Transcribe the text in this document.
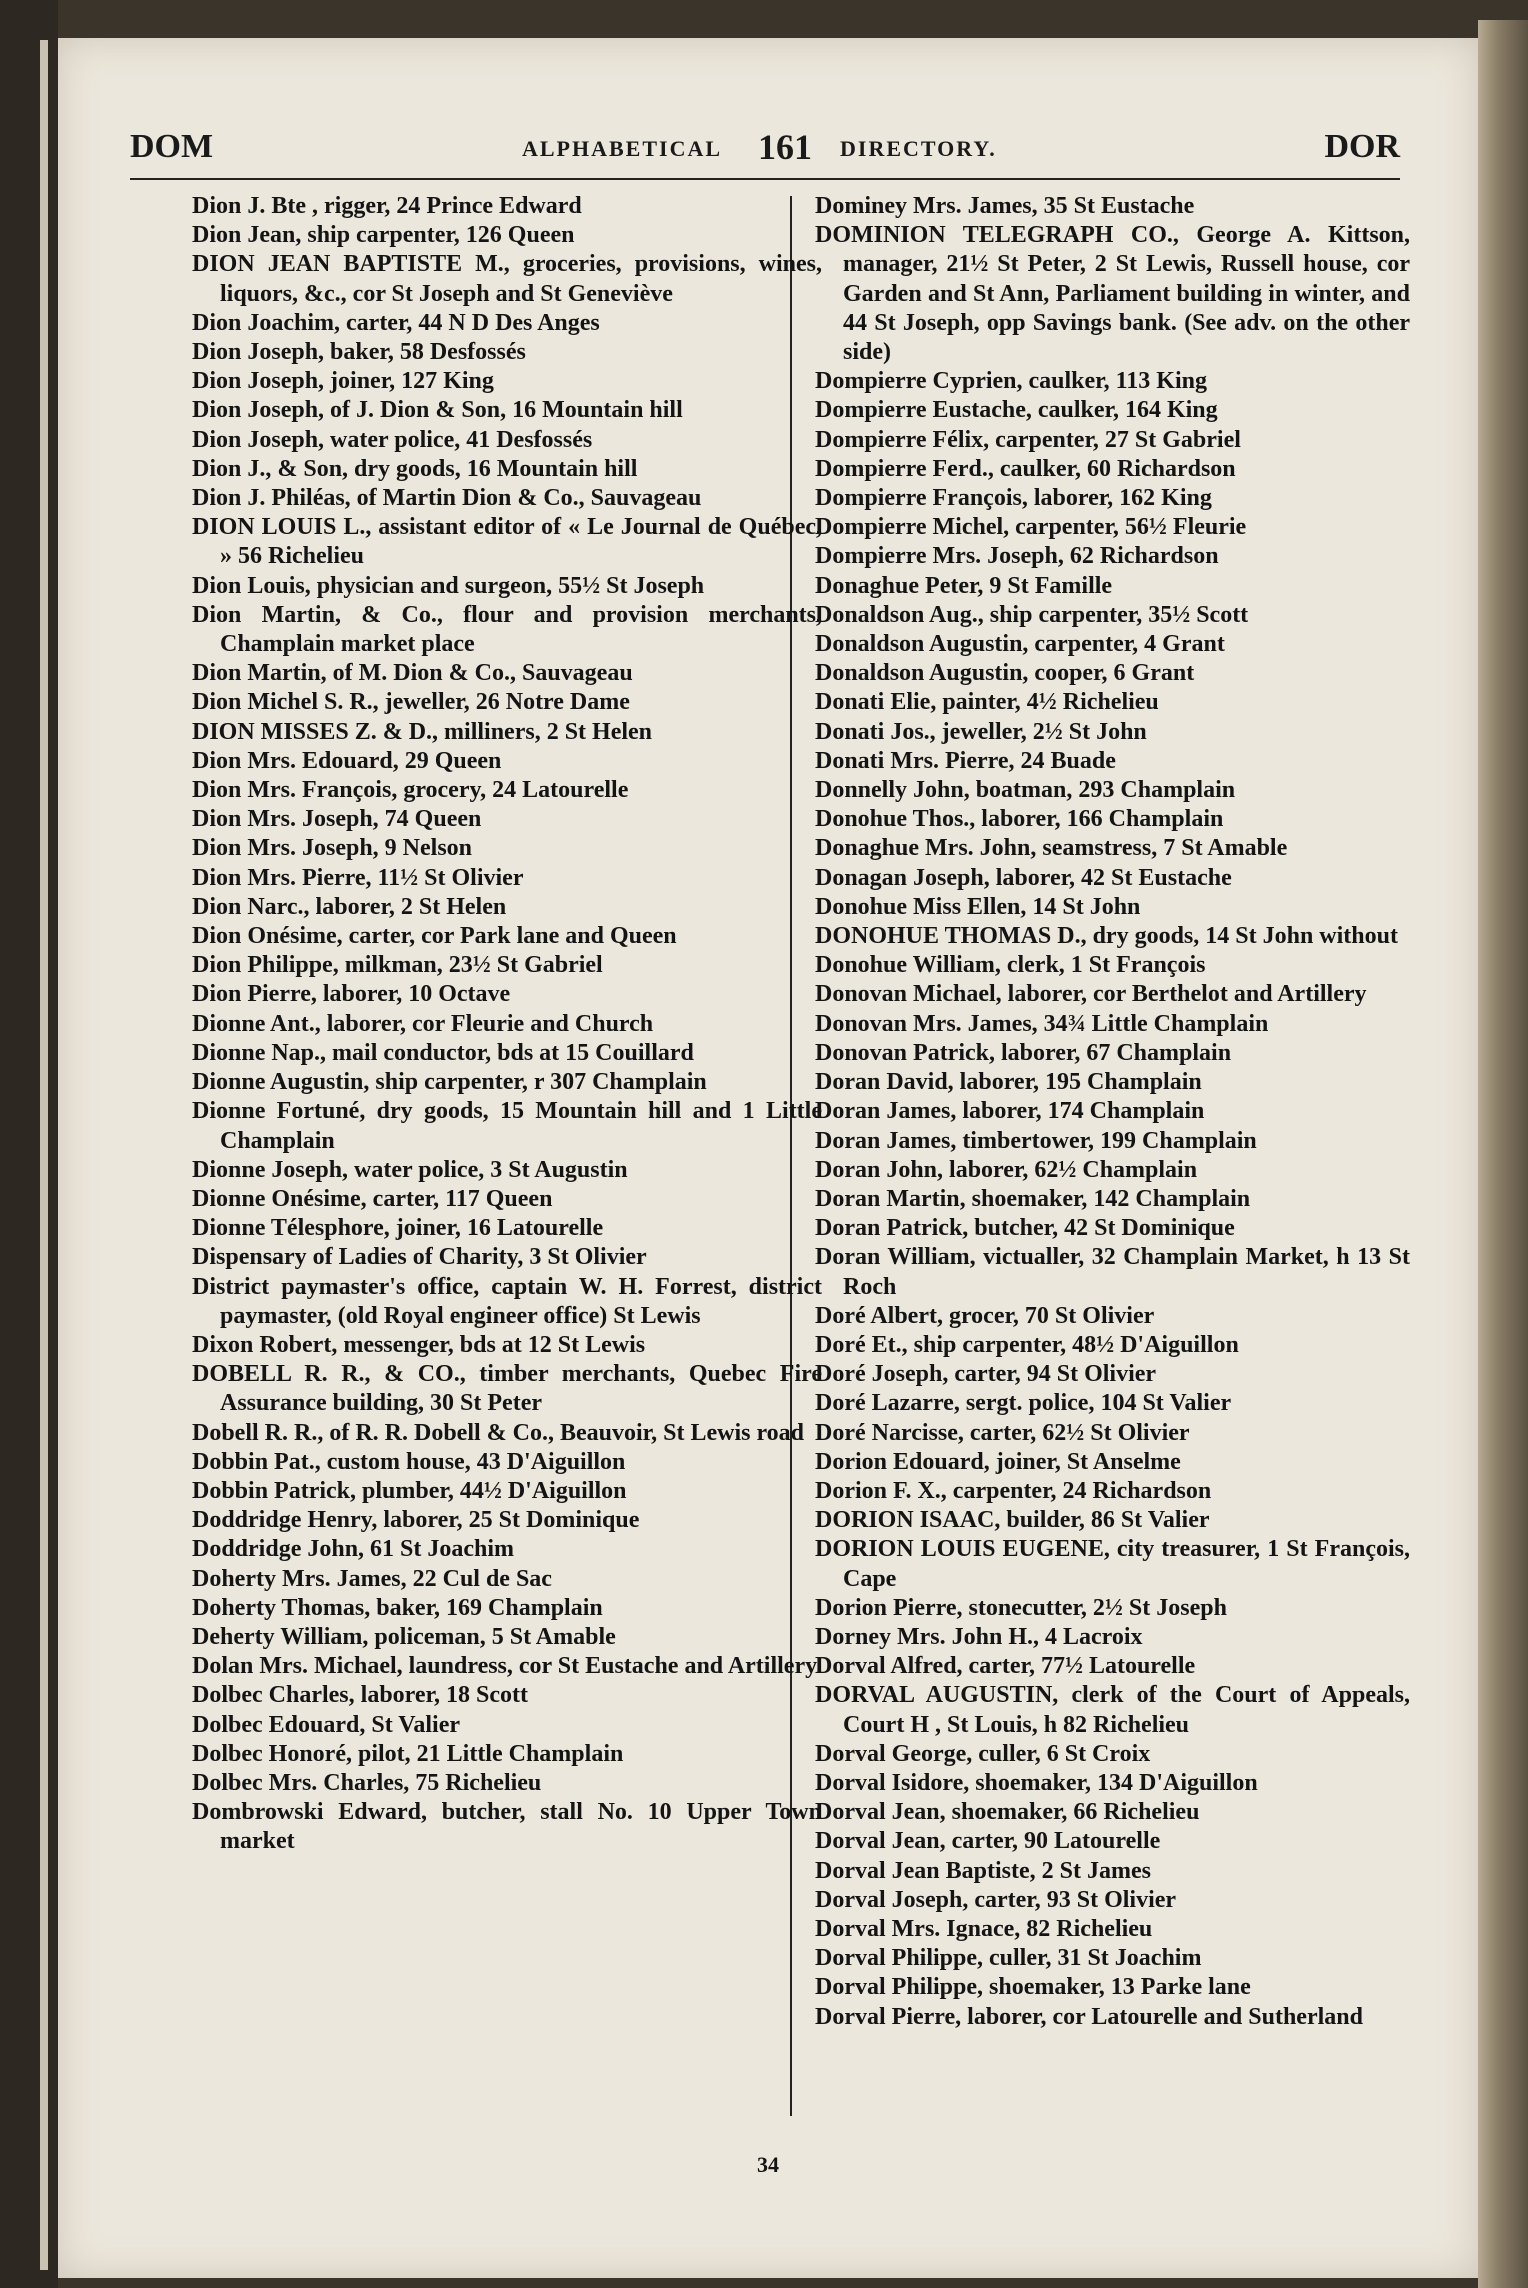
DOM	ALPHABETICAL 161 DIRECTORY.	DOR
Dion J. Bte , rigger, 24 Prince Edward
Dion Jean, ship carpenter, 126 Queen
DION JEAN BAPTISTE M., groceries, provisions, wines, liquors, &c., cor St Joseph and St Geneviève
Dion Joachim, carter, 44 N D Des Anges
Dion Joseph, baker, 58 Desfossés
Dion Joseph, joiner, 127 King
Dion Joseph, of J. Dion & Son, 16 Mountain hill
Dion Joseph, water police, 41 Desfossés
Dion J., & Son, dry goods, 16 Mountain hill
Dion J. Philéas, of Martin Dion & Co., Sauvageau
DION LOUIS L., assistant editor of « Le Journal de Québec, » 56 Richelieu
Dion Louis, physician and surgeon, 55½ St Joseph
Dion Martin, & Co., flour and provision merchants, Champlain market place
Dion Martin, of M. Dion & Co., Sauvageau
Dion Michel S. R., jeweller, 26 Notre Dame
DION MISSES Z. & D., milliners, 2 St Helen
Dion Mrs. Edouard, 29 Queen
Dion Mrs. François, grocery, 24 Latourelle
Dion Mrs. Joseph, 74 Queen
Dion Mrs. Joseph, 9 Nelson
Dion Mrs. Pierre, 11½ St Olivier
Dion Narc., laborer, 2 St Helen
Dion Onésime, carter, cor Park lane and Queen
Dion Philippe, milkman, 23½ St Gabriel
Dion Pierre, laborer, 10 Octave
Dionne Ant., laborer, cor Fleurie and Church
Dionne Nap., mail conductor, bds at 15 Couillard
Dionne Augustin, ship carpenter, r 307 Champlain
Dionne Fortuné, dry goods, 15 Mountain hill and 1 Little Champlain
Dionne Joseph, water police, 3 St Augustin
Dionne Onésime, carter, 117 Queen
Dionne Télesphore, joiner, 16 Latourelle
Dispensary of Ladies of Charity, 3 St Olivier
District paymaster's office, captain W. H. Forrest, district paymaster, (old Royal engineer office) St Lewis
Dixon Robert, messenger, bds at 12 St Lewis
DOBELL R. R., & CO., timber merchants, Quebec Fire Assurance building, 30 St Peter
Dobell R. R., of R. R. Dobell & Co., Beauvoir, St Lewis road
Dobbin Pat., custom house, 43 D'Aiguillon
Dobbin Patrick, plumber, 44½ D'Aiguillon
Doddridge Henry, laborer, 25 St Dominique
Doddridge John, 61 St Joachim
Doherty Mrs. James, 22 Cul de Sac
Doherty Thomas, baker, 169 Champlain
Deherty William, policeman, 5 St Amable
Dolan Mrs. Michael, laundress, cor St Eustache and Artillery
Dolbec Charles, laborer, 18 Scott
Dolbec Edouard, St Valier
Dolbec Honoré, pilot, 21 Little Champlain
Dolbec Mrs. Charles, 75 Richelieu
Dombrowski Edward, butcher, stall No. 10 Upper Town market
Dominey Mrs. James, 35 St Eustache
DOMINION TELEGRAPH CO., George A. Kittson, manager, 21½ St Peter, 2 St Lewis, Russell house, cor Garden and St Ann, Parliament building in winter, and 44 St Joseph, opp Savings bank. (See adv. on the other side)
Dompierre Cyprien, caulker, 113 King
Dompierre Eustache, caulker, 164 King
Dompierre Félix, carpenter, 27 St Gabriel
Dompierre Ferd., caulker, 60 Richardson
Dompierre François, laborer, 162 King
Dompierre Michel, carpenter, 56½ Fleurie
Dompierre Mrs. Joseph, 62 Richardson
Donaghue Peter, 9 St Famille
Donaldson Aug., ship carpenter, 35½ Scott
Donaldson Augustin, carpenter, 4 Grant
Donaldson Augustin, cooper, 6 Grant
Donati Elie, painter, 4½ Richelieu
Donati Jos., jeweller, 2½ St John
Donati Mrs. Pierre, 24 Buade
Donnelly John, boatman, 293 Champlain
Donohue Thos., laborer, 166 Champlain
Donaghue Mrs. John, seamstress, 7 St Amable
Donagan Joseph, laborer, 42 St Eustache
Donohue Miss Ellen, 14 St John
DONOHUE THOMAS D., dry goods, 14 St John without
Donohue William, clerk, 1 St François
Donovan Michael, laborer, cor Berthelot and Artillery
Donovan Mrs. James, 34¾ Little Champlain
Donovan Patrick, laborer, 67 Champlain
Doran David, laborer, 195 Champlain
Doran James, laborer, 174 Champlain
Doran James, timbertower, 199 Champlain
Doran John, laborer, 62½ Champlain
Doran Martin, shoemaker, 142 Champlain
Doran Patrick, butcher, 42 St Dominique
Doran William, victualler, 32 Champlain Market, h 13 St Roch
Doré Albert, grocer, 70 St Olivier
Doré Et., ship carpenter, 48½ D'Aiguillon
Doré Joseph, carter, 94 St Olivier
Doré Lazarre, sergt. police, 104 St Valier
Doré Narcisse, carter, 62½ St Olivier
Dorion Edouard, joiner, St Anselme
Dorion F. X., carpenter, 24 Richardson
DORION ISAAC, builder, 86 St Valier
DORION LOUIS EUGENE, city treasurer, 1 St François, Cape
Dorion Pierre, stonecutter, 2½ St Joseph
Dorney Mrs. John H., 4 Lacroix
Dorval Alfred, carter, 77½ Latourelle
DORVAL AUGUSTIN, clerk of the Court of Appeals, Court H , St Louis, h 82 Richelieu
Dorval George, culler, 6 St Croix
Dorval Isidore, shoemaker, 134 D'Aiguillon
Dorval Jean, shoemaker, 66 Richelieu
Dorval Jean, carter, 90 Latourelle
Dorval Jean Baptiste, 2 St James
Dorval Joseph, carter, 93 St Olivier
Dorval Mrs. Ignace, 82 Richelieu
Dorval Philippe, culler, 31 St Joachim
Dorval Philippe, shoemaker, 13 Parke lane
Dorval Pierre, laborer, cor Latourelle and Sutherland
34
